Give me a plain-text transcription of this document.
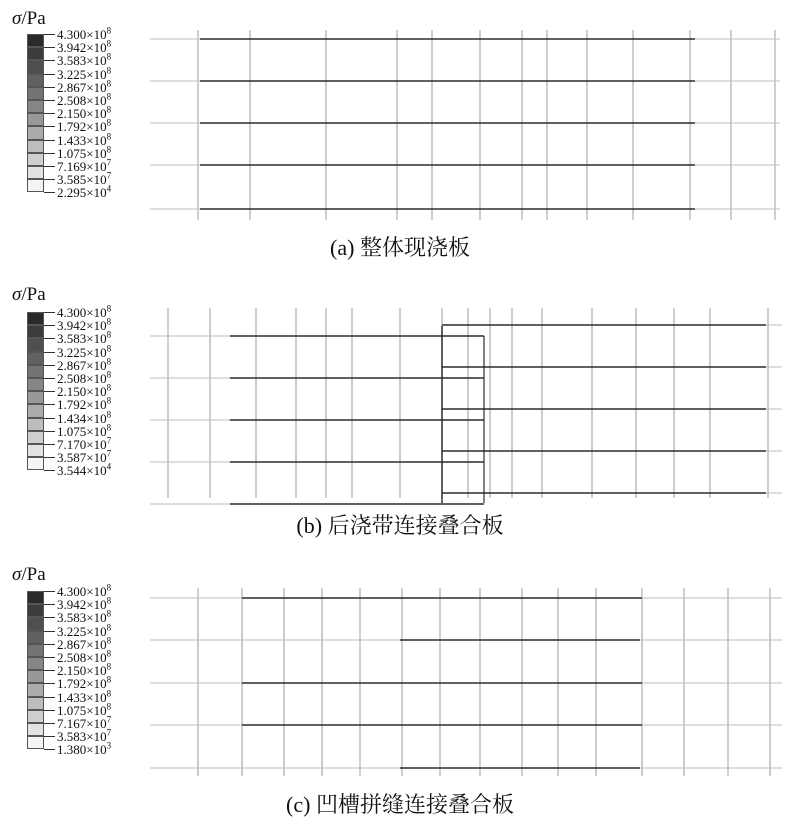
σ/Pa
$4.300\times 10^8$
$3.942\times 10^8$
$3.583\times 10^8$
$3.225\times 10^8$
$2.867\times 10^8$
$2.508\times 10^8$
$2.150\times 10^8$
$1.792\times 10^8$
$1.433\times 10^8$
$1.075\times 10^8$
$7.169\times 10^7$
$3.585\times 10^7$
$2.295\times 10^4$
(a) 整体现浇板
σ/Pa
$4.300\times 10^8$
$3.942\times 10^8$
$3.583\times 10^8$
$3.225\times 10^8$
$2.867\times 10^8$
$2.508\times 10^8$
$2.150\times 10^8$
$1.792\times 10^8$
$1.434\times 10^8$
$1.075\times 10^8$
$7.170\times 10^7$
$3.587\times 10^7$
$3.544\times 10^4$
(b) 后浇带连接叠合板
σ/Pa
$4.300\times 10^8$
$3.942\times 10^8$
$3.583\times 10^8$
$3.225\times 10^8$
$2.867\times 10^8$
$2.508\times 10^8$
$2.150\times 10^8$
$1.792\times 10^8$
$1.433\times 10^8$
$1.075\times 10^8$
$7.167\times 10^7$
$3.583\times 10^7$
$1.380\times 10^3$
(c) 凹槽拼缝连接叠合板
